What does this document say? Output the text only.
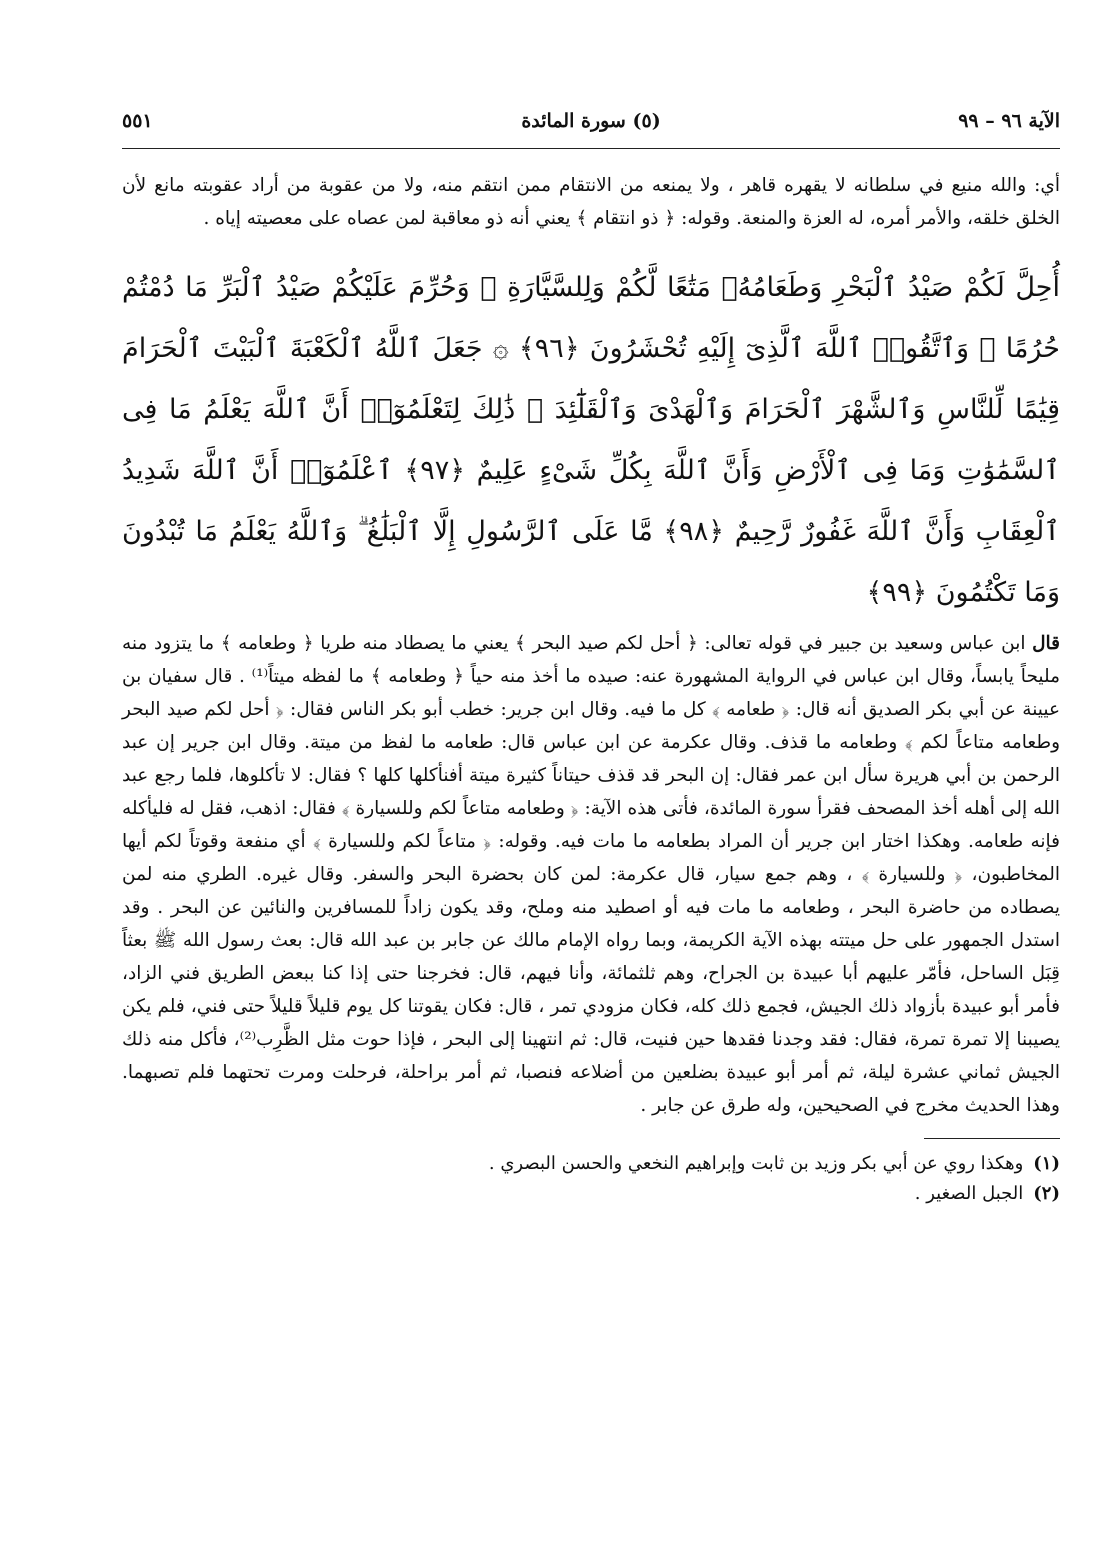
الآية ٩٦ – ٩٩
(٥) سورة المائدة
٥٥١

أي: والله منيع في سلطانه لا يقهره قاهر ، ولا يمنعه من الانتقام ممن انتقم منه، ولا من عقوبة من أراد عقوبته مانع لأن الخلق خلقه، والأمر أمره، له العزة والمنعة. وقوله: ﴿ ذو انتقام ﴾ يعني أنه ذو معاقبة لمن عصاه على معصيته إياه .

أُحِلَّ لَكُمْ صَيْدُ ٱلْبَحْرِ وَطَعَامُهُۥ مَتَٰعًا لَّكُمْ وَلِلسَّيَّارَةِ ۖ وَحُرِّمَ عَلَيْكُمْ صَيْدُ ٱلْبَرِّ مَا دُمْتُمْ حُرُمًا ۗ وَٱتَّقُوا۟ ٱللَّهَ ٱلَّذِىٓ إِلَيْهِ تُحْشَرُونَ ﴿٩٦﴾ ۞ جَعَلَ ٱللَّهُ ٱلْكَعْبَةَ ٱلْبَيْتَ ٱلْحَرَامَ قِيَٰمًا لِّلنَّاسِ وَٱلشَّهْرَ ٱلْحَرَامَ وَٱلْهَدْىَ وَٱلْقَلَٰٓئِدَ ۚ ذَٰلِكَ لِتَعْلَمُوٓا۟ أَنَّ ٱللَّهَ يَعْلَمُ مَا فِى ٱلسَّمَٰوَٰتِ وَمَا فِى ٱلْأَرْضِ وَأَنَّ ٱللَّهَ بِكُلِّ شَىْءٍ عَلِيمٌ ﴿٩٧﴾ ٱعْلَمُوٓا۟ أَنَّ ٱللَّهَ شَدِيدُ ٱلْعِقَابِ وَأَنَّ ٱللَّهَ غَفُورٌ رَّحِيمٌ ﴿٩٨﴾ مَّا عَلَى ٱلرَّسُولِ إِلَّا ٱلْبَلَٰغُ ۗ وَٱللَّهُ يَعْلَمُ مَا تُبْدُونَ وَمَا تَكْتُمُونَ ﴿٩٩﴾

قال ابن عباس وسعيد بن جبير في قوله تعالى: ﴿ أحل لكم صيد البحر ﴾ يعني ما يصطاد منه طريا ﴿ وطعامه ﴾ ما يتزود منه مليحاً يابساً، وقال ابن عباس في الرواية المشهورة عنه: صيده ما أخذ منه حياً ﴿ وطعامه ﴾ ما لفظه ميتاً⁽¹⁾ . قال سفيان بن عيينة عن أبي بكر الصديق أنه قال: ﴿ طعامه ﴾ كل ما فيه. وقال ابن جرير: خطب أبو بكر الناس فقال: ﴿ أحل لكم صيد البحر وطعامه متاعاً لكم ﴾ وطعامه ما قذف. وقال عكرمة عن ابن عباس قال: طعامه ما لفظ من ميتة. وقال ابن جرير إن عبد الرحمن بن أبي هريرة سأل ابن عمر فقال: إن البحر قد قذف حيتاناً كثيرة ميتة أفنأكلها كلها ؟ فقال: لا تأكلوها، فلما رجع عبد الله إلى أهله أخذ المصحف فقرأ سورة المائدة، فأتى هذه الآية: ﴿ وطعامه متاعاً لكم وللسيارة ﴾ فقال: اذهب، فقل له فليأكله فإنه طعامه. وهكذا اختار ابن جرير أن المراد بطعامه ما مات فيه. وقوله: ﴿ متاعاً لكم وللسيارة ﴾ أي منفعة وقوتاً لكم أيها المخاطبون، ﴿ وللسيارة ﴾ ، وهم جمع سيار، قال عكرمة: لمن كان بحضرة البحر والسفر. وقال غيره. الطري منه لمن يصطاده من حاضرة البحر ، وطعامه ما مات فيه أو اصطيد منه وملح، وقد يكون زاداً للمسافرين والنائين عن البحر . وقد استدل الجمهور على حل ميتته بهذه الآية الكريمة، وبما رواه الإمام مالك عن جابر بن عبد الله قال: بعث رسول الله ﷺ بعثاً قِبَل الساحل، فأمّر عليهم أبا عبيدة بن الجراح، وهم ثلثمائة، وأنا فيهم، قال: فخرجنا حتى إذا كنا ببعض الطريق فني الزاد، فأمر أبو عبيدة بأزواد ذلك الجيش، فجمع ذلك كله، فكان مزودي تمر ، قال: فكان يقوتنا كل يوم قليلاً قليلاً حتى فني، فلم يكن يصيبنا إلا تمرة تمرة، فقال: فقد وجدنا فقدها حين فنيت، قال: ثم انتهينا إلى البحر ، فإذا حوت مثل الظَّرِب⁽²⁾، فأكل منه ذلك الجيش ثماني عشرة ليلة، ثم أمر أبو عبيدة بضلعين من أضلاعه فنصبا، ثم أمر براحلة، فرحلت ومرت تحتهما فلم تصبهما. وهذا الحديث مخرج في الصحيحين، وله طرق عن جابر .

(١)وهكذا روي عن أبي بكر وزيد بن ثابت وإبراهيم النخعي والحسن البصري .

(٢)الجبل الصغير .
